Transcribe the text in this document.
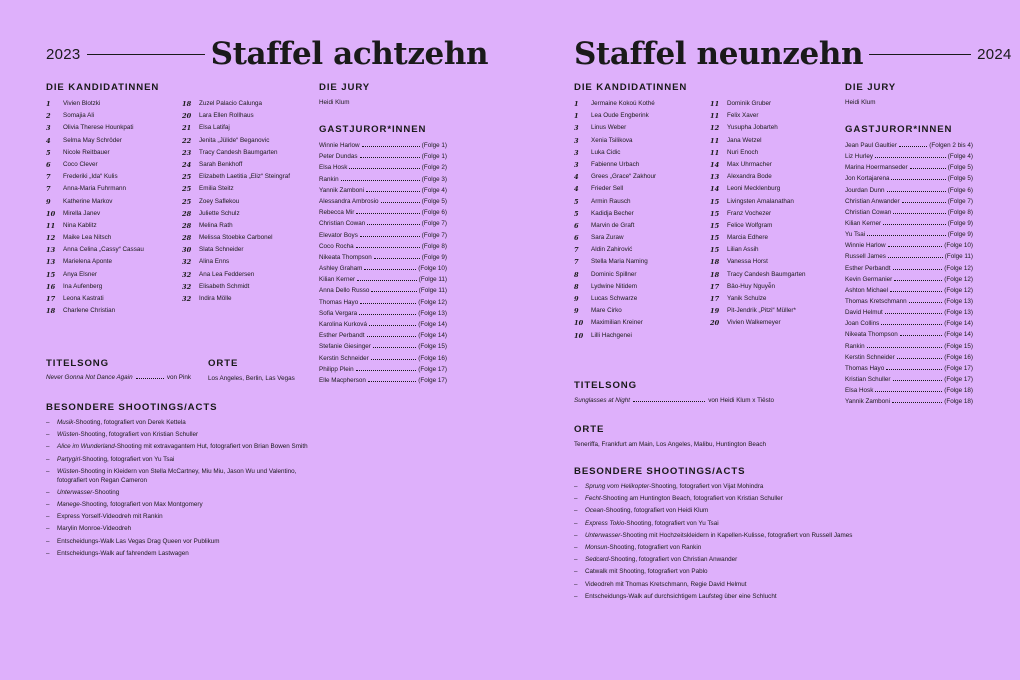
2023	Staffel achtzehn
DIE KANDIDATINNEN
1	Vivien Blotzki
2	Somajia Ali
3	Olivia Therese Hounkpati
4	Selma May Schröder
5	Nicole Reitbauer
6	Coco Clever
7	Frederiki „Ida“ Kulis
7	Anna-Maria Fuhrmann
9	Katherine Markov
10	Mirella Janev
11	Nina Kablitz
12	Maike Lea Nitsch
13	Anna Celina „Cassy“ Cassau
13	Marielena Aponte
15	Anya Elsner
16	Ina Aufenberg
17	Leona Kastrati
18	Charlene Christian
18	Zuzel Palacio Calunga
20	Lara Ellen Rollhaus
21	Elsa Latifaj
22	Jenita „Jülide“ Beganovic
23	Tracy Candesh Baumgarten
24	Sarah Benkhoff
25	Elizabeth Laetitia „Eliz“ Steingraf
25	Emilia Steitz
25	Zoey Saflekou
28	Juliette Schulz
28	Melina Rath
28	Melissa Stoebke Carbonel
30	Slata Schneider
32	Alina Enns
32	Ana Lea Feddersen
32	Elisabeth Schmidt
32	Indira Mölle
DIE JURY
Heidi Klum
GASTJUROR*INNEN
Winnie Harlow	(Folge 1)
Peter Dundas	(Folge 1)
Elsa Hosk	(Folge 2)
Rankin	(Folge 3)
Yannik Zamboni	(Folge 4)
Alessandra Ambrosio	(Folge 5)
Rebecca Mir	(Folge 6)
Christian Cowan	(Folge 7)
Elevator Boys	(Folge 7)
Coco Rocha	(Folge 8)
Nikeata Thompson	(Folge 9)
Ashley Graham	(Folge 10)
Kilian Kerner	(Folge 11)
Anna Dello Russo	(Folge 11)
Thomas Hayo	(Folge 12)
Sofia Vergara	(Folge 13)
Karolina Kurková	(Folge 14)
Esther Perbandt	(Folge 14)
Stefanie Giesinger	(Folge 15)
Kerstin Schneider	(Folge 16)
Philipp Plein	(Folge 17)
Elle Macpherson	(Folge 17)
TITELSONG
Never Gonna Not Dance Again	von Pink
ORTE
Los Angeles, Berlin, Las Vegas
BESONDERE SHOOTINGS/ACTS
–	Musik-Shooting, fotografiert von Derek Kettela
–	Wüsten-Shooting, fotografiert von Kristian Schuller
–	Alice im Wunderland-Shooting mit extravagantem Hut, fotografiert von Brian Bowen Smith
–	Partygirl-Shooting, fotografiert von Yu Tsai
–	Wüsten-Shooting in Kleidern von Stella McCartney, Miu Miu, Jason Wu und Valentino, fotografiert von Regan Cameron
–	Unterwasser-Shooting
–	Manege-Shooting, fotografiert von Max Montgomery
–	Express Yorself-Videodreh mit Rankin
–	Marylin Monroe-Videodreh
–	Entscheidungs-Walk Las Vegas Drag Queen vor Publikum
–	Entscheidungs-Walk auf fahrendem Lastwagen
Staffel neunzehn	2024
DIE KANDIDATINNEN
1	Jermaine Kokoú Kothé
1	Lea Oude Engberink
3	Linus Weber
3	Xenia Tsilikova
3	Luka Cidic
3	Fabienne Urbach
4	Grees „Grace“ Zakhour
4	Frieder Sell
5	Armin Rausch
5	Kadidja Becher
6	Marvin de Graft
6	Sara Zuraw
7	Aldin Zahirović
7	Stella Maria Naming
8	Dominic Spillner
8	Lydwine Nitidem
9	Lucas Schwarze
9	Mare Cirko
10	Maximilian Kreiner
10	Lilli Hachgenei
11	Dominik Gruber
11	Felix Xaver
12	Yusupha Jobarteh
11	Jana Wetzel
11	Nuri Enoch
14	Max Uhrmacher
13	Alexandra Bode
14	Leoni Mecklenburg
15	Livingsten Amalanathan
15	Franz Vochezer
15	Felice Wolfgram
15	Marcia Edhere
15	Lilian Assih
18	Vanessa Horst
18	Tracy Candesh Baumgarten
17	Bảo-Huy Nguyễn
17	Yanik Schulze
19	Pit-Jendrik „Pitzi“ Müller*
20	Vivien Walkemeyer
DIE JURY
Heidi Klum
GASTJUROR*INNEN
Jean Paul Gaultier	(Folgen 2 bis 4)
Liz Hurley	(Folge 4)
Marina Hoermanseder	(Folge 5)
Jon Kortajarena	(Folge 5)
Jourdan Dunn	(Folge 6)
Christian Anwander	(Folge 7)
Christian Cowan	(Folge 8)
Kilian Kerner	(Folge 9)
Yu Tsai	(Folge 9)
Winnie Harlow	(Folge 10)
Russell James	(Folge 11)
Esther Perbandt	(Folge 12)
Kevin Germanier	(Folge 12)
Ashton Michael	(Folge 12)
Thomas Kretschmann	(Folge 13)
David Helmut	(Folge 13)
Joan Collins	(Folge 14)
Nikeata Thompson	(Folge 14)
Rankin	(Folge 15)
Kerstin Schneider	(Folge 16)
Thomas Hayo	(Folge 17)
Kristian Schuller	(Folge 17)
Elsa Hosk	(Folge 18)
Yannik Zamboni	(Folge 18)
TITELSONG
Sunglasses at Night	von Heidi Klum x Tiësto
ORTE
Teneriffa, Frankfurt am Main, Los Angeles, Malibu, Huntington Beach
BESONDERE SHOOTINGS/ACTS
–	Sprung vom Helikopter-Shooting, fotografiert von Vijat Mohindra
–	Fecht-Shooting am Huntington Beach, fotografiert von Kristian Schuller
–	Ocean-Shooting, fotografiert von Heidi Klum
–	Express Tokio-Shooting, fotografiert von Yu Tsai
–	Unterwasser-Shooting mit Hochzeitskleidern in Kapellen-Kulisse, fotografiert von Russell James
–	Monsun-Shooting, fotografiert von Rankin
–	Sedcard-Shooting, fotografiert von Christian Anwander
–	Catwalk mit Shooting, fotografiert von Pablo
–	Videodreh mit Thomas Kretschmann, Regie David Helmut
–	Entscheidungs-Walk auf durchsichtigem Laufsteg über eine Schlucht
